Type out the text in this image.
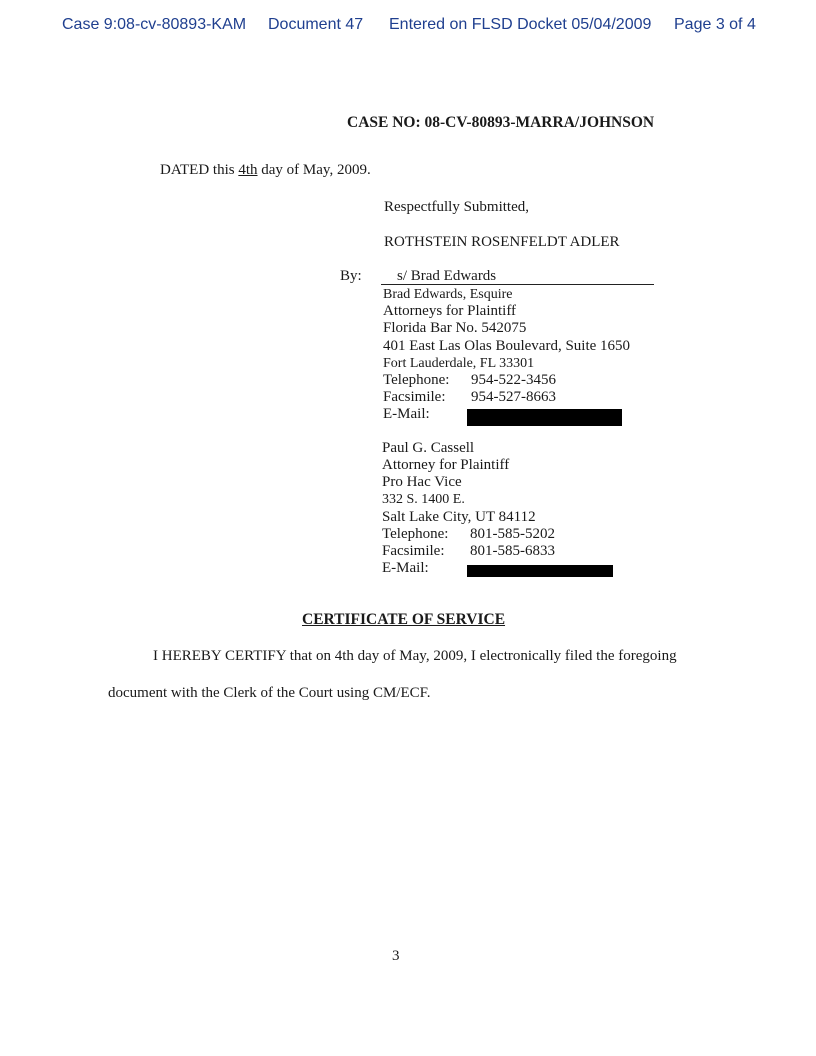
Case 9:08-cv-80893-KAM Document 47 Entered on FLSD Docket 05/04/2009 Page 3 of 4
CASE NO: 08-CV-80893-MARRA/JOHNSON
DATED this 4th day of May, 2009.
Respectfully Submitted,
ROTHSTEIN ROSENFELDT ADLER
By: s/ Brad Edwards
Brad Edwards, Esquire
Attorneys for Plaintiff
Florida Bar No. 542075
401 East Las Olas Boulevard, Suite 1650
Fort Lauderdale, FL 33301
Telephone: 954-522-3456
Facsimile: 954-527-8663
E-Mail:
Paul G. Cassell
Attorney for Plaintiff
Pro Hac Vice
332 S. 1400 E.
Salt Lake City, UT 84112
Telephone: 801-585-5202
Facsimile: 801-585-6833
E-Mail:
CERTIFICATE OF SERVICE
I HEREBY CERTIFY that on 4th day of May, 2009, I electronically filed the foregoing
document with the Clerk of the Court using CM/ECF.
3
